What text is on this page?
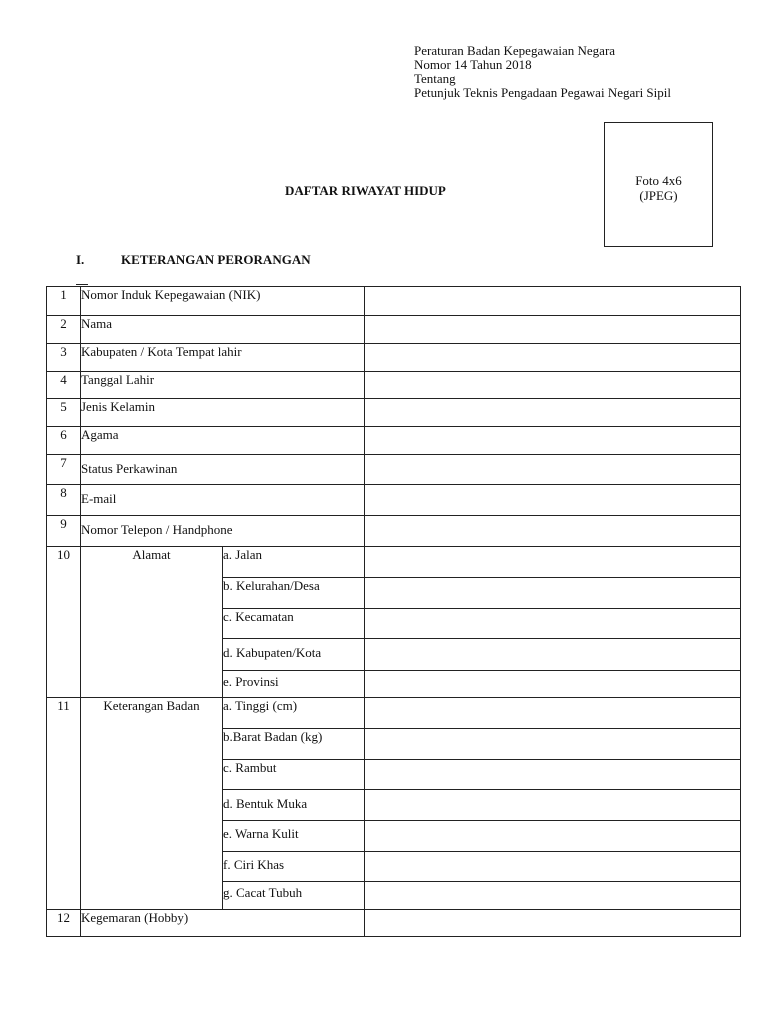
Peraturan Badan Kepegawaian Negara
Nomor 14 Tahun 2018
Tentang
Petunjuk Teknis Pengadaan Pegawai Negari Sipil
Foto 4x6
(JPEG)
DAFTAR RIWAYAT HIDUP
I.	KETERANGAN PERORANGAN
1	Nomor Induk Kepegawaian (NIK)		
2	Nama		
3	Kabupaten / Kota Tempat lahir		
4	Tanggal Lahir		
5	Jenis Kelamin		
6	Agama		
7	Status Perkawinan		
8	E-mail		
9	Nomor Telepon / Handphone		
10	Alamat	a. Jalan	
		b. Kelurahan/Desa	
		c. Kecamatan	
		d. Kabupaten/Kota	
		e. Provinsi	
11	Keterangan Badan	a. Tinggi (cm)	
		b.Barat Badan (kg)	
		c. Rambut	
		d. Bentuk Muka	
		e. Warna Kulit	
		f. Ciri Khas	
		g. Cacat Tubuh	
12	Kegemaran (Hobby)		
